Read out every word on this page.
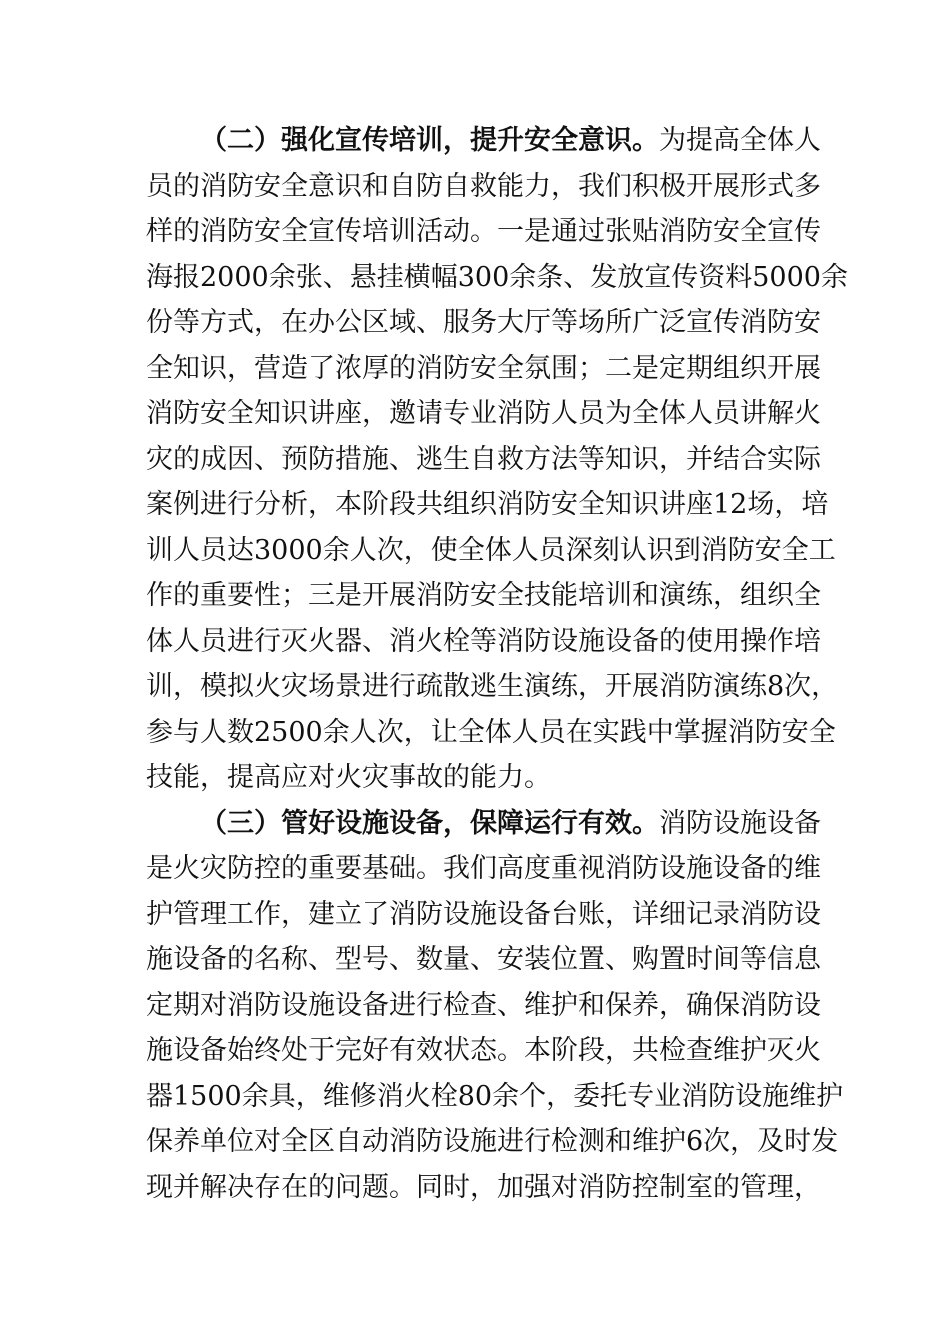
（二）强化宣传培训，提升安全意识。为提高全体人
员的消防安全意识和自防自救能力，我们积极开展形式多
样的消防安全宣传培训活动。一是通过张贴消防安全宣传
海报2000余张、悬挂横幅300余条、发放宣传资料5000余
份等方式，在办公区域、服务大厅等场所广泛宣传消防安
全知识，营造了浓厚的消防安全氛围；二是定期组织开展
消防安全知识讲座，邀请专业消防人员为全体人员讲解火
灾的成因、预防措施、逃生自救方法等知识，并结合实际
案例进行分析，本阶段共组织消防安全知识讲座12场，培
训人员达3000余人次，使全体人员深刻认识到消防安全工
作的重要性；三是开展消防安全技能培训和演练，组织全
体人员进行灭火器、消火栓等消防设施设备的使用操作培
训，模拟火灾场景进行疏散逃生演练，开展消防演练8次，
参与人数2500余人次，让全体人员在实践中掌握消防安全
技能，提高应对火灾事故的能力。
（三）管好设施设备，保障运行有效。消防设施设备
是火灾防控的重要基础。我们高度重视消防设施设备的维
护管理工作，建立了消防设施设备台账，详细记录消防设
施设备的名称、型号、数量、安装位置、购置时间等信息
定期对消防设施设备进行检查、维护和保养，确保消防设
施设备始终处于完好有效状态。本阶段，共检查维护灭火
器1500余具，维修消火栓80余个，委托专业消防设施维护
保养单位对全区自动消防设施进行检测和维护6次，及时发
现并解决存在的问题。同时，加强对消防控制室的管理，
